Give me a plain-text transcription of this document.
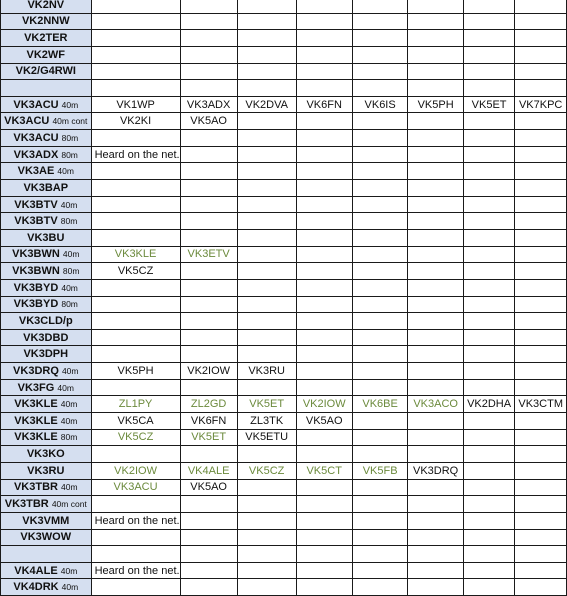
VK2NV								
VK2NNW								
VK2TER								
VK2WF								
VK2/G4RWI								

VK3ACU 40m	VK1WP	VK3ADX	VK2DVA	VK6FN	VK6IS	VK5PH	VK5ET	VK7KPC
VK3ACU 40m cont	VK2KI	VK5AO						
VK3ACU 80m								
VK3ADX 80m	Heard on the net.							
VK3AE 40m								
VK3BAP								
VK3BTV 40m								
VK3BTV 80m								
VK3BU								
VK3BWN 40m	VK3KLE	VK3ETV						
VK3BWN 80m	VK5CZ							
VK3BYD 40m								
VK3BYD 80m								
VK3CLD/p								
VK3DBD								
VK3DPH								
VK3DRQ 40m	VK5PH	VK2IOW	VK3RU					
VK3FG 40m								
VK3KLE 40m	ZL1PY	ZL2GD	VK5ET	VK2IOW	VK6BE	VK3ACO	VK2DHA	VK3CTM
VK3KLE 40m	VK5CA	VK6FN	ZL3TK	VK5AO				
VK3KLE 80m	VK5CZ	VK5ET	VK5ETU					
VK3KO								
VK3RU	VK2IOW	VK4ALE	VK5CZ	VK5CT	VK5FB	VK3DRQ		
VK3TBR 40m	VK3ACU	VK5AO						
VK3TBR 40m cont								
VK3VMM	Heard on the net.							
VK3WOW								

VK4ALE 40m	Heard on the net.							
VK4DRK 40m								
